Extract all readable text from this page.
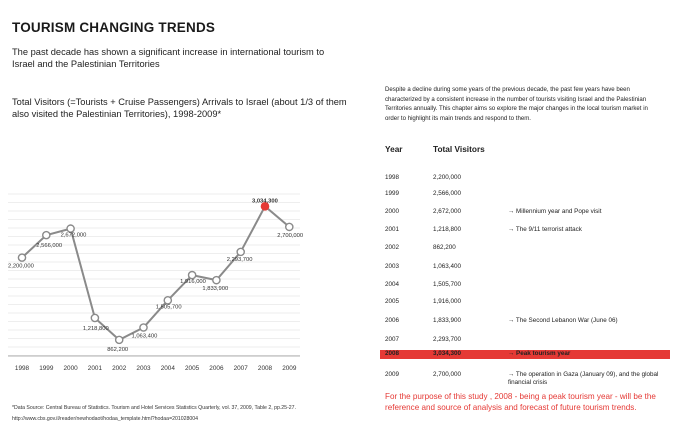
TOURISM CHANGING TRENDS
The past decade has shown a significant increase in international tourism to Israel and the Palestinian Territories
Total Visitors (=Tourists + Cruise Passengers) Arrivals to Israel (about 1/3 of them also visited the Palestinian Territories), 1998-2009*
2,200,000
1998
2,566,000
1999
2,672,000
2000
1,218,800
2001
862,200
2002
1,063,400
2003
1,505,700
2004
1,916,000
2005
1,833,900
2006
2,293,700
2007
3,034,300
2008
2,700,000
2009
*Data Source: Central Bureau of Statistics. Tourism and Hotel Services Statistics Quarterly, vol. 37, 2009, Table 2, pp.25-27.
http://www.cbs.gov.il/reader/newhodaot/hodaa_template.html?hodaa=201028004
Despite a decline during some years of the previous decade, the past few years have been characterized by a consistent increase in the number of tourists visiting Israel and the Palestinian Territories annually. This chapter aims so explore the major changes in the local tourism market in order to highlight its main trends and respond to them.
Year	Total Visitors
1998	2,200,000
1999	2,566,000
2000	2,672,000	→ Millennium year and Pope visit
2001	1,218,800	→ The 9/11 terrorist attack
2002	862,200
2003	1,063,400
2004	1,505,700
2005	1,916,000
2006	1,833,900	→ The Second Lebanon War (June 06)
2007	2,293,700
2008	3,034,300	→ Peak tourism year
2009	2,700,000	→ The operation in Gaza (January 09), and the global financial crisis
For the purpose of this study , 2008 - being a peak tourism year - will be the reference and source of analysis and forecast of future tourism trends.
